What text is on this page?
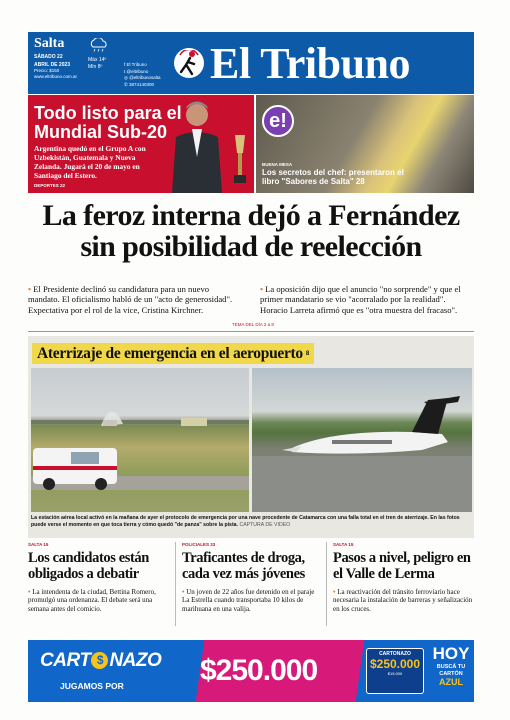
Salta
SÁBADO 22
ABRIL DE 2023
Precio: $150
www.eltribuno.com.ar
Máx 14º
Mín 8º	f El Tribuno
t @eltribuno
◎ @eltribunosalta
✆ 3874140300	El Tribuno
Todo listo para el Mundial Sub-20
Argentina quedó en el Grupo A con Uzbekistán, Guatemala y Nueva Zelanda. Jugará el 20 de mayo en Santiago del Estero.
DEPORTES 22
e!
BUENA MESA
Los secretos del chef: presentaron el libro "Sabores de Salta" 28
La feroz interna dejó a Fernández sin posibilidad de reelección
• El Presidente declinó su candidatura para un nuevo mandato. El oficialismo habló de un "acto de generosidad". Expectativa por el rol de la vice, Cristina Kirchner.
• La oposición dijo que el anuncio "no sorprende" y que el primer mandatario se vio "acorralado por la realidad". Horacio Larreta afirmó que es "otra muestra del fracaso".
TEMA DEL DÍA 2 a 8
Aterrizaje de emergencia en el aeropuerto 8
La estación aérea local activó en la mañana de ayer el protocolo de emergencia por una nave procedente de Catamarca con una falla total en el tren de aterrizaje. En las fotos puede verse el momento en que toca tierra y cómo quedó "de panza" sobre la pista. CAPTURA DE VIDEO
SALTA 15
Los candidatos están obligados a debatir
• La intendenta de la ciudad, Bettina Romero, promulgó una ordenanza. El debate será una semana antes del comicio.
POLICIALES 33
Traficantes de droga, cada vez más jóvenes
• Un joven de 22 años fue detenido en el paraje La Estrella cuando transportaba 10 kilos de marihuana en una valija.
SALTA 15
Pasos a nivel, peligro en el Valle de Lerma
• La reactivación del tránsito ferroviario hace necesaria la instalación de barreras y señalización en los cruces.
CART $ NAZO
JUGAMOS POR	$250.000	CARTONAZO
$250.000
$15.000
HOY
BUSCÁ TU CARTÓN
AZUL
